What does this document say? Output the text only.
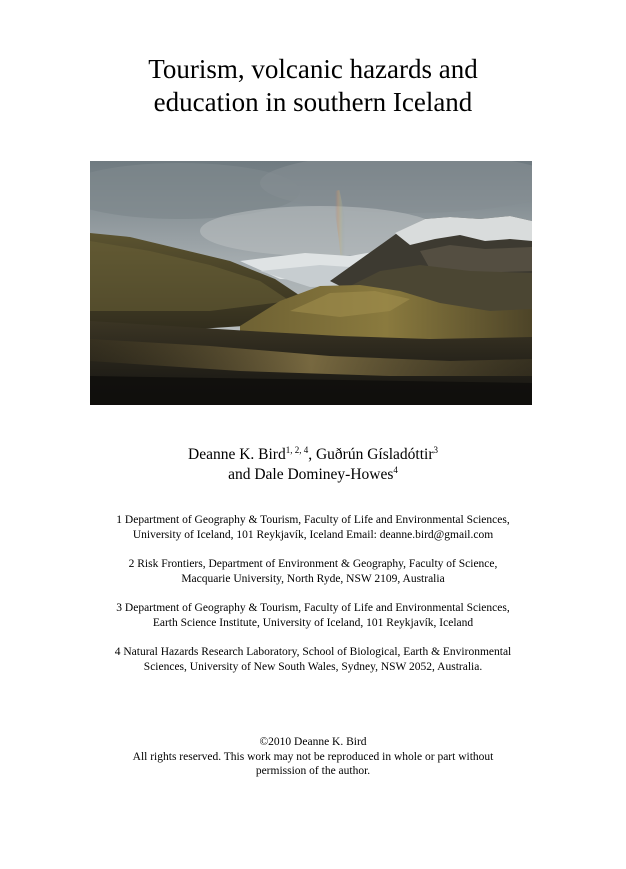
Tourism, volcanic hazards and
education in southern Iceland
Deanne K. Bird$^{1, 2, 4}$, Guðrún Gísladóttir$^3$
and Dale Dominey-Howes$^4$
1 Department of Geography & Tourism, Faculty of Life and Environmental Sciences,
University of Iceland, 101 Reykjavík, Iceland Email: deanne.bird@gmail.com
2 Risk Frontiers, Department of Environment & Geography, Faculty of Science,
Macquarie University, North Ryde, NSW 2109, Australia
3 Department of Geography & Tourism, Faculty of Life and Environmental Sciences,
Earth Science Institute, University of Iceland, 101 Reykjavík, Iceland
4 Natural Hazards Research Laboratory, School of Biological, Earth & Environmental
Sciences, University of New South Wales, Sydney, NSW 2052, Australia.
©2010 Deanne K. Bird
All rights reserved. This work may not be reproduced in whole or part without
permission of the author.
